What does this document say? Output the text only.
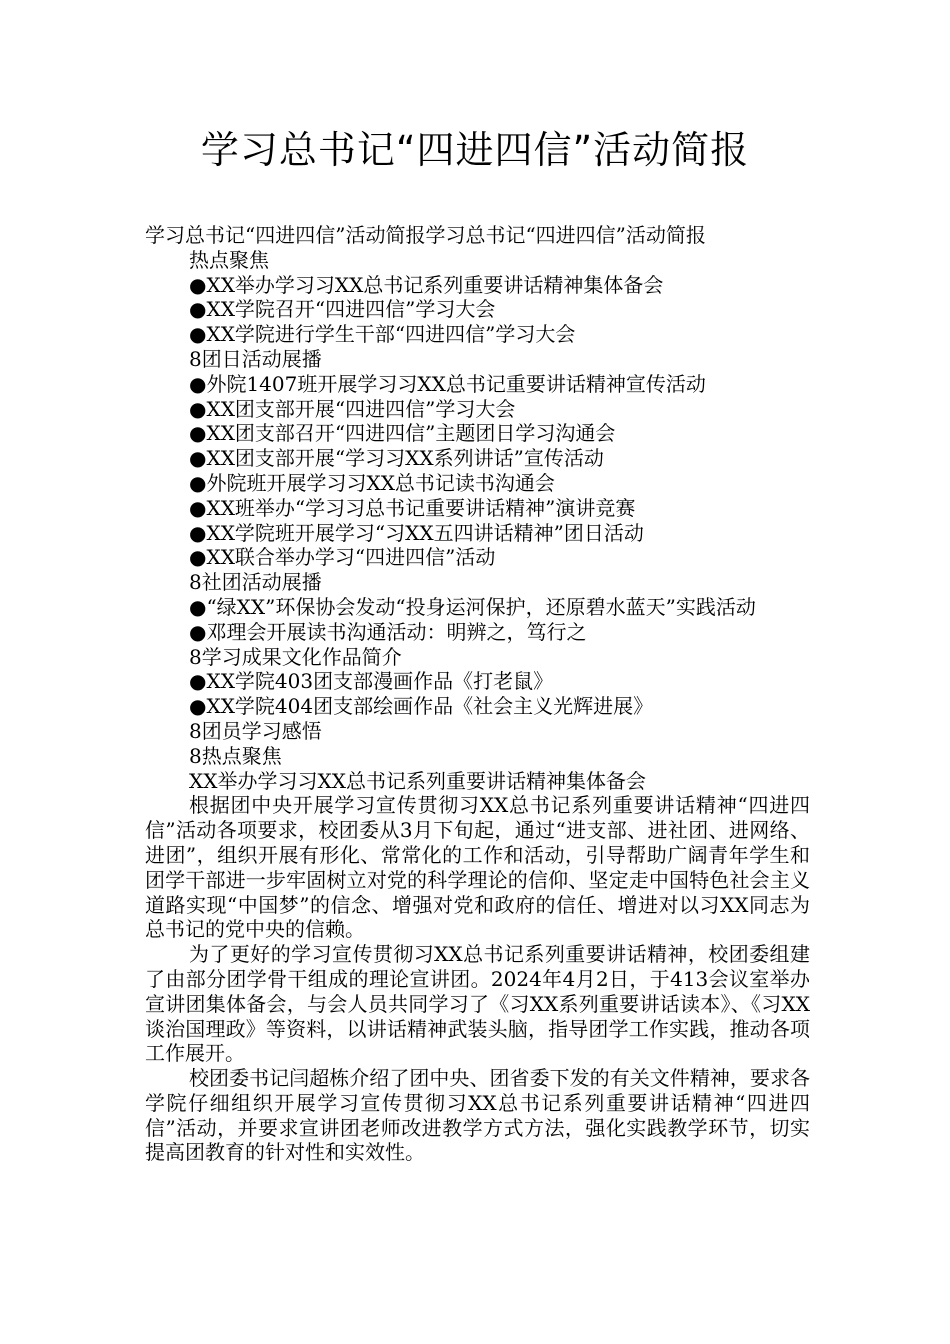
学习总书记“四进四信”活动简报

学习总书记“四进四信”活动简报学习总书记“四进四信”活动简报

热点聚焦

●XX举办学习习XX总书记系列重要讲话精神集体备会

●XX学院召开“四进四信”学习大会

●XX学院进行学生干部“四进四信”学习大会

8团日活动展播

●外院1407班开展学习习XX总书记重要讲话精神宣传活动

●XX团支部开展“四进四信”学习大会

●XX团支部召开“四进四信”主题团日学习沟通会

●XX团支部开展“学习习XX系列讲话”宣传活动

●外院班开展学习习XX总书记读书沟通会

●XX班举办“学习习总书记重要讲话精神”演讲竞赛

●XX学院班开展学习“习XX五四讲话精神”团日活动

●XX联合举办学习“四进四信”活动

8社团活动展播

●“绿XX”环保协会发动“投身运河保护，还原碧水蓝天”实践活动

●邓理会开展读书沟通活动：明辨之，笃行之

8学习成果文化作品简介

●XX学院403团支部漫画作品《打老鼠》

●XX学院404团支部绘画作品《社会主义光辉进展》

8团员学习感悟

8热点聚焦

XX举办学习习XX总书记系列重要讲话精神集体备会

根据团中央开展学习宣传贯彻习XX总书记系列重要讲话精神“四进四信”活动各项要求，校团委从3月下旬起，通过“进支部、进社团、进网络、进团”，组织开展有形化、常常化的工作和活动，引导帮助广阔青年学生和团学干部进一步牢固树立对党的科学理论的信仰、坚定走中国特色社会主义道路实现“中国梦”的信念、增强对党和政府的信任、增进对以习XX同志为总书记的党中央的信赖。

为了更好的学习宣传贯彻习XX总书记系列重要讲话精神，校团委组建了由部分团学骨干组成的理论宣讲团。2024年4月2日，于413会议室举办宣讲团集体备会，与会人员共同学习了《习XX系列重要讲话读本》、《习XX谈治国理政》等资料，以讲话精神武装头脑，指导团学工作实践，推动各项工作展开。

校团委书记闫超栋介绍了团中央、团省委下发的有关文件精神，要求各学院仔细组织开展学习宣传贯彻习XX总书记系列重要讲话精神“四进四信”活动，并要求宣讲团老师改进教学方式方法，强化实践教学环节，切实提高团教育的针对性和实效性。
